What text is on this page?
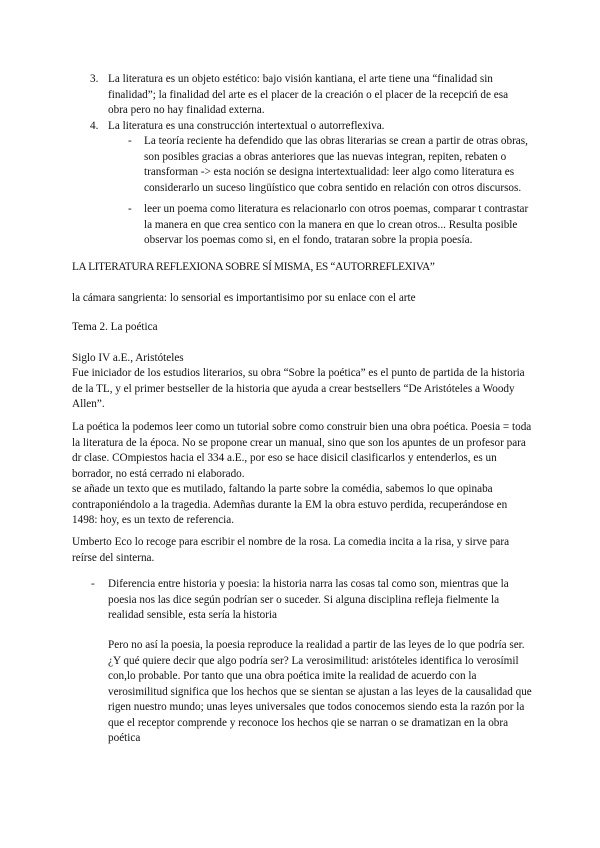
3. La literatura es un objeto estético: bajo visión kantiana, el arte tiene una “finalidad sin finalidad”; la finalidad del arte es el placer de la creación o el placer de la recepciń de esa obra pero no hay finalidad externa.

4. La literatura es una construcción intertextual o autorreflexiva.

- La teoría reciente ha defendido que las obras literarias se crean a partir de otras obras, son posibles gracias a obras anteriores que las nuevas integran, repiten, rebaten o transforman -> esta noción se designa intertextualidad: leer algo como literatura es considerarlo un suceso lingüístico que cobra sentido en relación con otros discursos.

- leer un poema como literatura es relacionarlo con otros poemas, comparar t contrastar la manera en que crea sentico con la manera en que lo crean otros... Resulta posible observar los poemas como si, en el fondo, trataran sobre la propia poesía.

LA LITERATURA REFLEXIONA SOBRE SÍ MISMA, ES “AUTORREFLEXIVA”

la cámara sangrienta: lo sensorial es importantisimo por su enlace con el arte

Tema 2. La poética

Siglo IV a.E., Aristóteles

Fue iniciador de los estudios literarios, su obra “Sobre la poética” es el punto de partida de la historia de la TL, y el primer bestseller de la historia que ayuda a crear bestsellers “De Aristóteles a Woody Allen”.

La poética la podemos leer como un tutorial sobre como construir bien una obra poética. Poesia = toda la literatura de la época. No se propone crear un manual, sino que son los apuntes de un profesor para dr clase. COmpiestos hacia el 334 a.E., por eso se hace disicil clasificarlos y entenderlos, es un borrador, no está cerrado ni elaborado.

se añade un texto que es mutilado, faltando la parte sobre la comédia, sabemos lo que opinaba contraponiéndolo a la tragedia. Ademñas durante la EM la obra estuvo perdida, recuperándose en 1498: hoy, es un texto de referencia.

Umberto Eco lo recoge para escribir el nombre de la rosa. La comedia incita a la risa, y sirve para reírse del sinterna.

- Diferencia entre historia y poesia: la historia narra las cosas tal como son, mientras que la poesia nos las dice según podrían ser o suceder. Si alguna disciplina refleja fielmente la realidad sensible, esta sería la historia

Pero no así la poesia, la poesia reproduce la realidad a partir de las leyes de lo que podría ser. ¿Y qué quiere decir que algo podría ser? La verosimilitud: aristóteles identifica lo verosímil con,lo probable. Por tanto que una obra poética imite la realidad de acuerdo con la verosimilitud significa que los hechos que se sientan se ajustan a las leyes de la causalidad que rigen nuestro mundo; unas leyes universales que todos conocemos siendo esta la razón por la que el receptor comprende y reconoce los hechos qie se narran o se dramatizan en la obra poética
